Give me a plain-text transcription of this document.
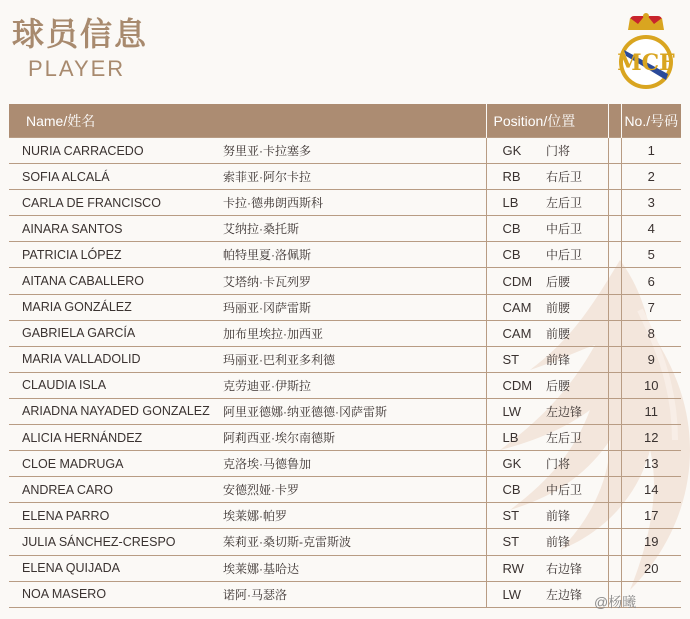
球员信息
PLAYER	MCF
Name/姓名		Position/位置			No./号码
NURIA CARRACEDO	努里亚·卡拉塞多	GK	门将		1
SOFIA ALCALÁ	索菲亚·阿尔卡拉	RB	右后卫		2
CARLA DE FRANCISCO	卡拉·德弗朗西斯科	LB	左后卫		3
AINARA SANTOS	艾纳拉·桑托斯	CB	中后卫		4
PATRICIA LÓPEZ	帕特里夏·洛佩斯	CB	中后卫		5
AITANA CABALLERO	艾塔纳·卡瓦列罗	CDM	后腰		6
MARIA GONZÁLEZ	玛丽亚·冈萨雷斯	CAM	前腰		7
GABRIELA GARCÍA	加布里埃拉·加西亚	CAM	前腰		8
MARIA VALLADOLID	玛丽亚·巴利亚多利德	ST	前锋		9
CLAUDIA ISLA	克劳迪亚·伊斯拉	CDM	后腰		10
ARIADNA NAYADED GONZALEZ	阿里亚德娜·纳亚德德·冈萨雷斯	LW	左边锋		11
ALICIA HERNÁNDEZ	阿莉西亚·埃尔南德斯	LB	左后卫		12
CLOE MADRUGA	克洛埃·马德鲁加	GK	门将		13
ANDREA CARO	安德烈娅·卡罗	CB	中后卫		14
ELENA PARRO	埃莱娜·帕罗	ST	前锋		17
JULIA SÁNCHEZ-CRESPO	茱莉亚·桑切斯-克雷斯波	ST	前锋		19
ELENA QUIJADA	埃莱娜·基哈达	RW	右边锋		20
NOA MASERO	诺阿·马瑟洛	LW	左边锋		@杨曦
